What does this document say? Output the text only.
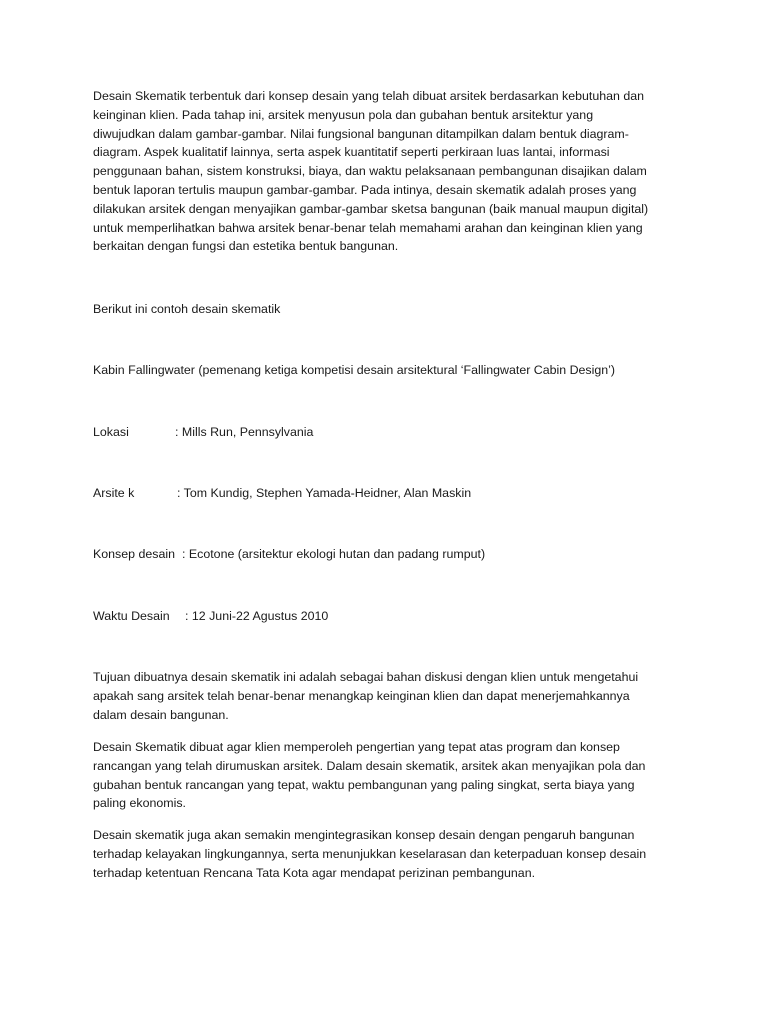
Desain Skematik terbentuk dari konsep desain yang telah dibuat arsitek berdasarkan kebutuhan dan
keinginan klien. Pada tahap ini, arsitek menyusun pola dan gubahan bentuk arsitektur yang
diwujudkan dalam gambar-gambar. Nilai fungsional bangunan ditampilkan dalam bentuk diagram-
diagram. Aspek kualitatif lainnya, serta aspek kuantitatif seperti perkiraan luas lantai, informasi
penggunaan bahan, sistem konstruksi, biaya, dan waktu pelaksanaan pembangunan disajikan dalam
bentuk laporan tertulis maupun gambar-gambar. Pada intinya, desain skematik adalah proses yang
dilakukan arsitek dengan menyajikan gambar-gambar sketsa bangunan (baik manual maupun digital)
untuk memperlihatkan bahwa arsitek benar-benar telah memahami arahan dan keinginan klien yang
berkaitan dengan fungsi dan estetika bentuk bangunan.
Berikut ini contoh desain skematik
Kabin Fallingwater (pemenang ketiga kompetisi desain arsitektural ‘Fallingwater Cabin Design’)
Lokasi	: Mills Run, Pennsylvania
Arsite k	: Tom Kundig, Stephen Yamada-Heidner, Alan Maskin
Konsep desain : Ecotone (arsitektur ekologi hutan dan padang rumput)
Waktu Desain : 12 Juni-22 Agustus 2010
Tujuan dibuatnya desain skematik ini adalah sebagai bahan diskusi dengan klien untuk mengetahui
apakah sang arsitek telah benar-benar menangkap keinginan klien dan dapat menerjemahkannya
dalam desain bangunan.
Desain Skematik dibuat agar klien memperoleh pengertian yang tepat atas program dan konsep
rancangan yang telah dirumuskan arsitek. Dalam desain skematik, arsitek akan menyajikan pola dan
gubahan bentuk rancangan yang tepat, waktu pembangunan yang paling singkat, serta biaya yang
paling ekonomis.
Desain skematik juga akan semakin mengintegrasikan konsep desain dengan pengaruh bangunan
terhadap kelayakan lingkungannya, serta menunjukkan keselarasan dan keterpaduan konsep desain
terhadap ketentuan Rencana Tata Kota agar mendapat perizinan pembangunan.
